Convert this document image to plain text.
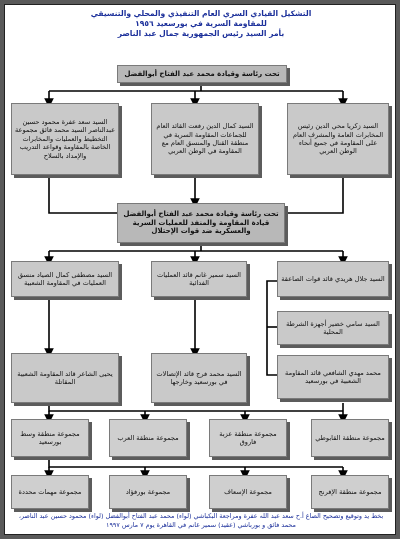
التشكيل القيادي السري العام التنفيذي والمحلي والتنسيقي
للمقاومة السرية في بورسعيد ١٩٥٦
بأمر السيد رئيس الجمهورية جمال عبد الناصر
تحت رئاسة وقيادة محمد عبد الفتاح أبوالفضل
السيد زكريا محي الدين رئيس المخابرات العامة والمشرف العام على المقاومة في جميع أنحاء الوطن العربي
السيد كمال الدين رفعت القائد العام للجماعات المقاومة السرية في منطقة القنال والمنسق العام مع المقاومة في الوطن العربي
السيد سعد عفرة محمود حسين عبدالناصر السيد محمد فائق مجموعة التخطيط والعمليات والمخابرات الخاصة بالمقاومة وقواعد التدريب والإمداد بالسلاح
تحت رئاسة وقيادة محمد عبد الفتاح أبوالفضل قيادة المقاومة والمنفذ للعمليات السرية والعسكرية ضد قوات الإحتلال
السيد جلال هريدي قائد قوات الصاعقة
السيد سامي خضير أجهزة الشرطة المحلية
محمد مهدي الشافعي قائد المقاومة الشعبية في بورسعيد
السيد سمير غانم قائد العمليات الفدائية
السيد محمد فرج قائد الإتصالات في بورسعيد وخارجها
السيد مصطفى كمال الصياد منسق العمليات في المقاومة الشعبية
يحيى الشاعر قائد المقاومة الشعبية المقاتلة
مجموعة منطقة القابوطي
مجموعة منطقة عزبة فاروق
مجموعة منطقة العرب
مجموعة منطقة وسط بورسعيد
مجموعة منطقة الإفرنج
مجموعة الإسعاف
مجموعة بورفؤاد
مجموعة مهمات محددة
بخط يد وتوقيع وتصحيح الصاغ أ.ح سعد عبد الله عفرة ومراجعة البكباشي (لواء) محمد عبد الفتاح أبوالفضل (لواء) محمود حسين عبد الناصر، محمد فائق و بورباشي (عقيد) سمير غانم في القاهرة يوم ٧ مارس ١٩٩٧
